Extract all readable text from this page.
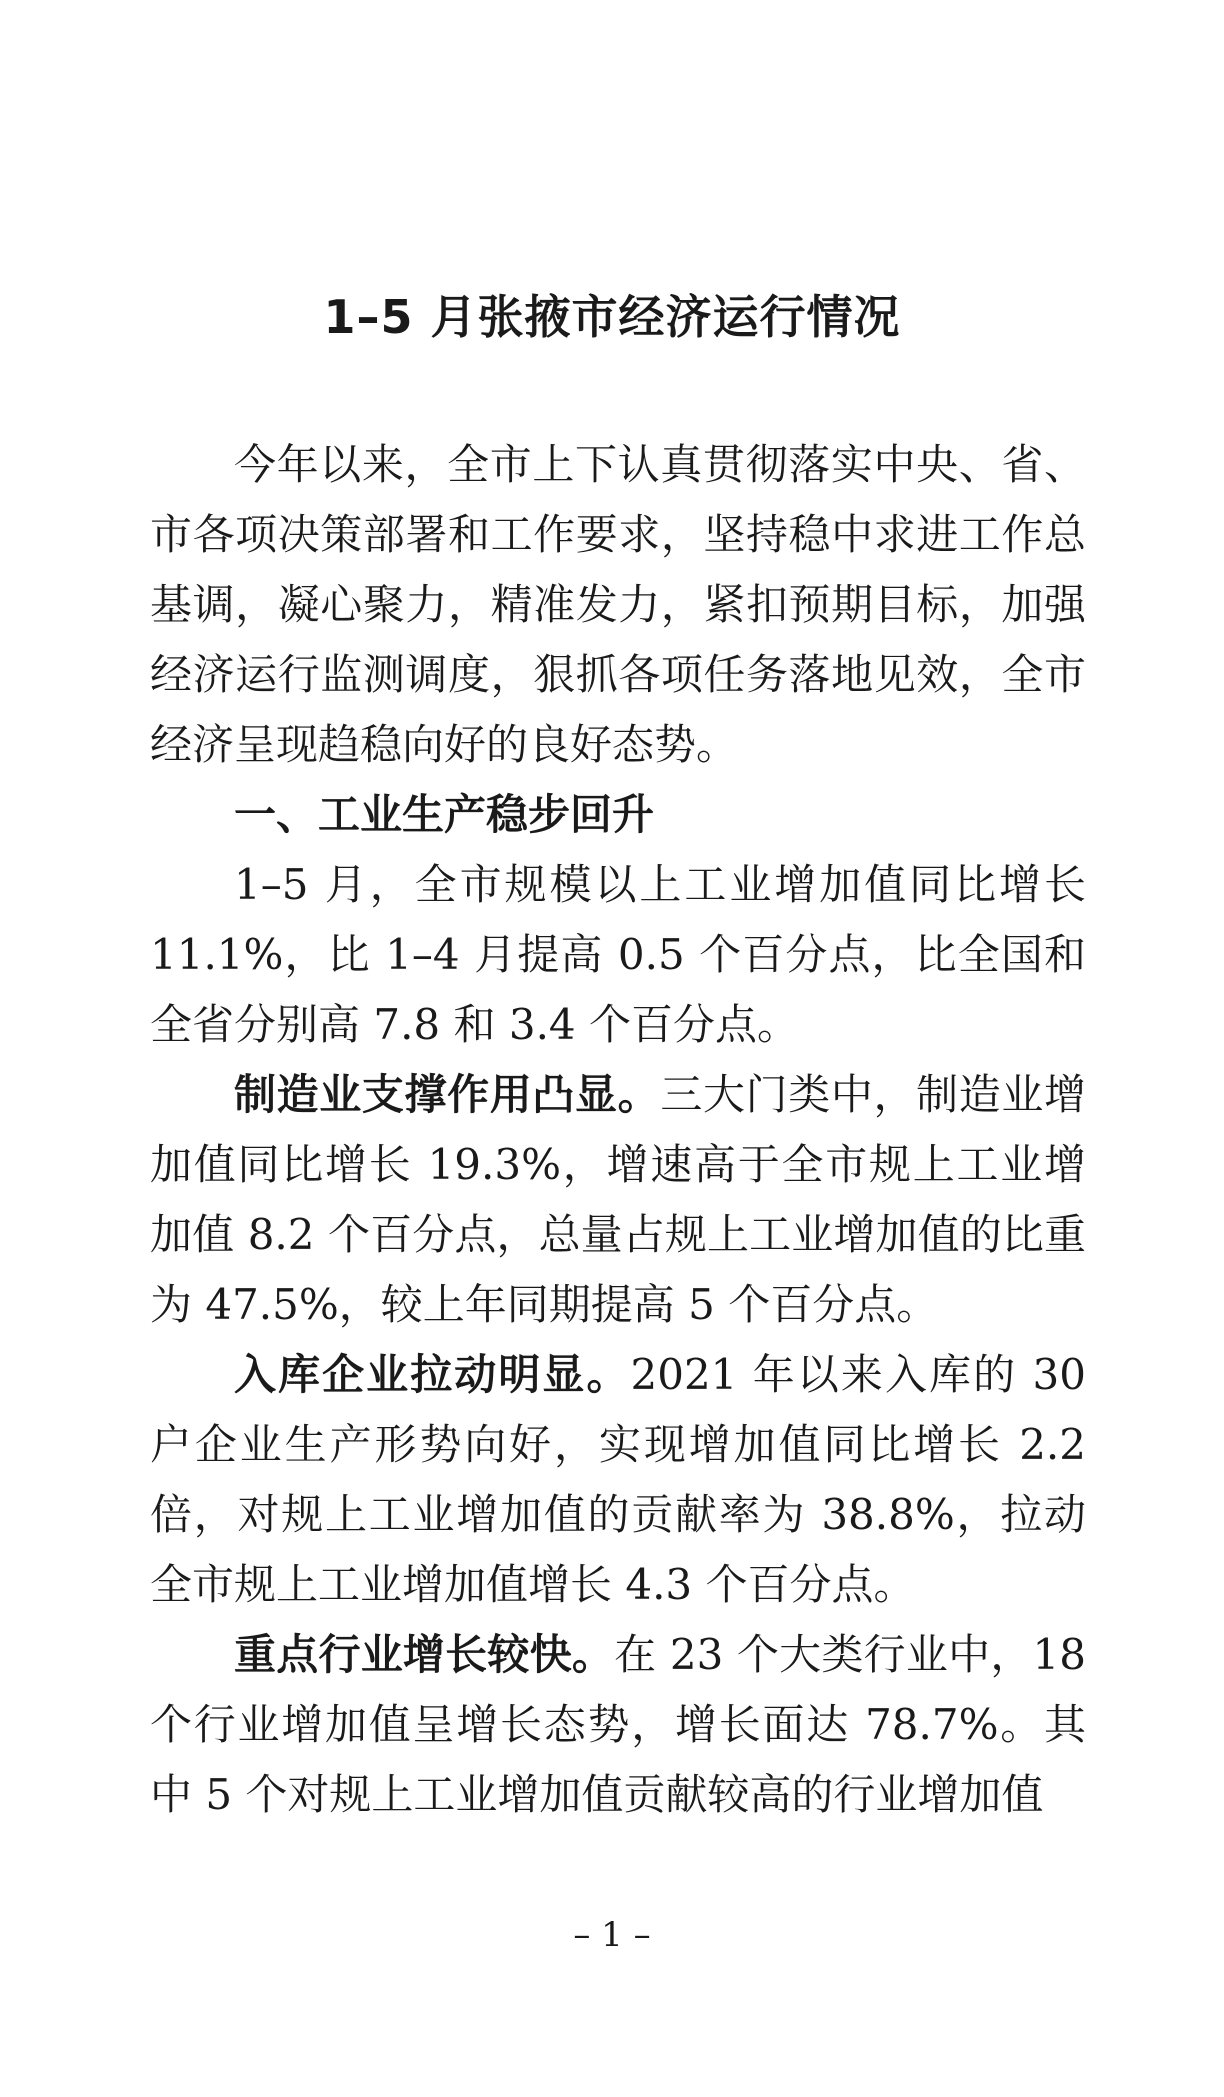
1–5 月张掖市经济运行情况

今年以来，全市上下认真贯彻落实中央、省、市各项决策部署和工作要求，坚持稳中求进工作总基调，凝心聚力，精准发力，紧扣预期目标，加强经济运行监测调度，狠抓各项任务落地见效，全市经济呈现趋稳向好的良好态势。

一、工业生产稳步回升

1–5 月，全市规模以上工业增加值同比增长 11.1%，比 1–4 月提高 0.5 个百分点，比全国和全省分别高 7.8 和 3.4 个百分点。

制造业支撑作用凸显。三大门类中，制造业增加值同比增长 19.3%，增速高于全市规上工业增加值 8.2 个百分点，总量占规上工业增加值的比重为 47.5%，较上年同期提高 5 个百分点。

入库企业拉动明显。2021 年以来入库的 30 户企业生产形势向好，实现增加值同比增长 2.2 倍，对规上工业增加值的贡献率为 38.8%，拉动全市规上工业增加值增长 4.3 个百分点。

重点行业增长较快。在 23 个大类行业中，18 个行业增加值呈增长态势，增长面达 78.7%。其中 5 个对规上工业增加值贡献较高的行业增加值

– 1 –
